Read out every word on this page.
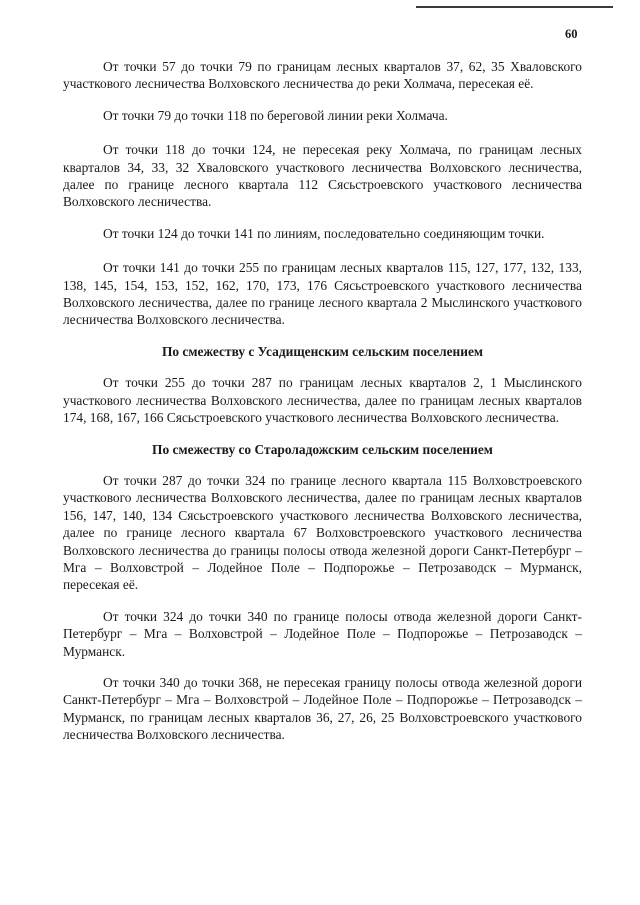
60

От точки 57 до точки 79 по границам лесных кварталов 37, 62, 35 Хваловского участкового лесничества Волховского лесничества до реки Холмача, пересекая её.

От точки 79 до точки 118 по береговой линии реки Холмача.

От точки 118 до точки 124, не пересекая реку Холмача, по границам лесных кварталов 34, 33, 32 Хваловского участкового лесничества Волховского лесничества, далее по границе лесного квартала 112 Сясьстроевского участкового лесничества Волховского лесничества.

От точки 124 до точки 141 по линиям, последовательно соединяющим точки.

От точки 141 до точки 255 по границам лесных кварталов 115, 127, 177, 132, 133, 138, 145, 154, 153, 152, 162, 170, 173, 176 Сясьстроевского участкового лесничества Волховского лесничества, далее по границе лесного квартала 2 Мыслинского участкового лесничества Волховского лесничества.

По смежеству с Усадищенским сельским поселением

От точки 255 до точки 287 по границам лесных кварталов 2, 1 Мыслинского участкового лесничества Волховского лесничества, далее по границам лесных кварталов 174, 168, 167, 166 Сясьстроевского участкового лесничества Волховского лесничества.

По смежеству со Староладожским сельским поселением

От точки 287 до точки 324 по границе лесного квартала 115 Волховстроевского участкового лесничества Волховского лесничества, далее по границам лесных кварталов 156, 147, 140, 134 Сясьстроевского участкового лесничества Волховского лесничества, далее по границе лесного квартала 67 Волховстроевского участкового лесничества Волховского лесничества до границы полосы отвода железной дороги Санкт-Петербург – Мга – Волховстрой – Лодейное Поле – Подпорожье – Петрозаводск – Мурманск, пересекая её.

От точки 324 до точки 340 по границе полосы отвода железной дороги Санкт-Петербург – Мга – Волховстрой – Лодейное Поле – Подпорожье – Петрозаводск – Мурманск.

От точки 340 до точки 368, не пересекая границу полосы отвода железной дороги Санкт-Петербург – Мга – Волховстрой – Лодейное Поле – Подпорожье – Петрозаводск – Мурманск, по границам лесных кварталов 36, 27, 26, 25 Волховстроевского участкового лесничества Волховского лесничества.
